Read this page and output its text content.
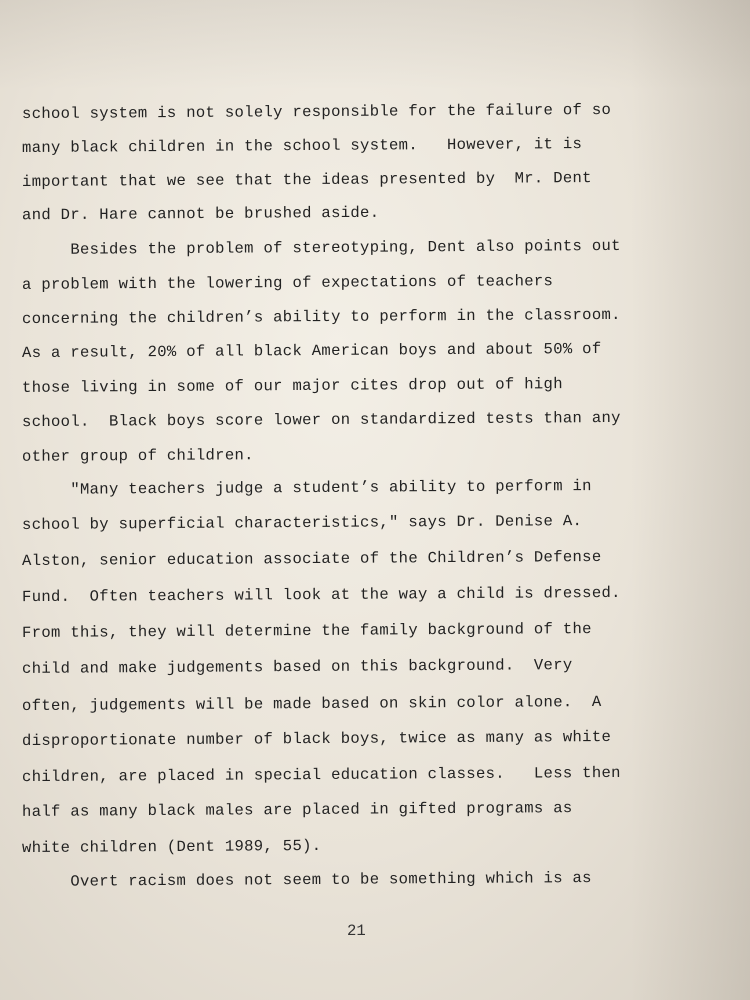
school system is not solely responsible for the failure of so
many black children in the school system.   However, it is
important that we see that the ideas presented by  Mr. Dent
and Dr. Hare cannot be brushed aside.
Besides the problem of stereotyping, Dent also points out
a problem with the lowering of expectations of teachers
concerning the children’s ability to perform in the classroom.
As a result, 20% of all black American boys and about 50% of
those living in some of our major cites drop out of high
school.  Black boys score lower on standardized tests than any
other group of children.
"Many teachers judge a student’s ability to perform in
school by superficial characteristics," says Dr. Denise A.
Alston, senior education associate of the Children’s Defense
Fund.  Often teachers will look at the way a child is dressed.
From this, they will determine the family background of the
child and make judgements based on this background.  Very
often, judgements will be made based on skin color alone.  A
disproportionate number of black boys, twice as many as white
children, are placed in special education classes.   Less then
half as many black males are placed in gifted programs as
white children (Dent 1989, 55).
Overt racism does not seem to be something which is as
21
